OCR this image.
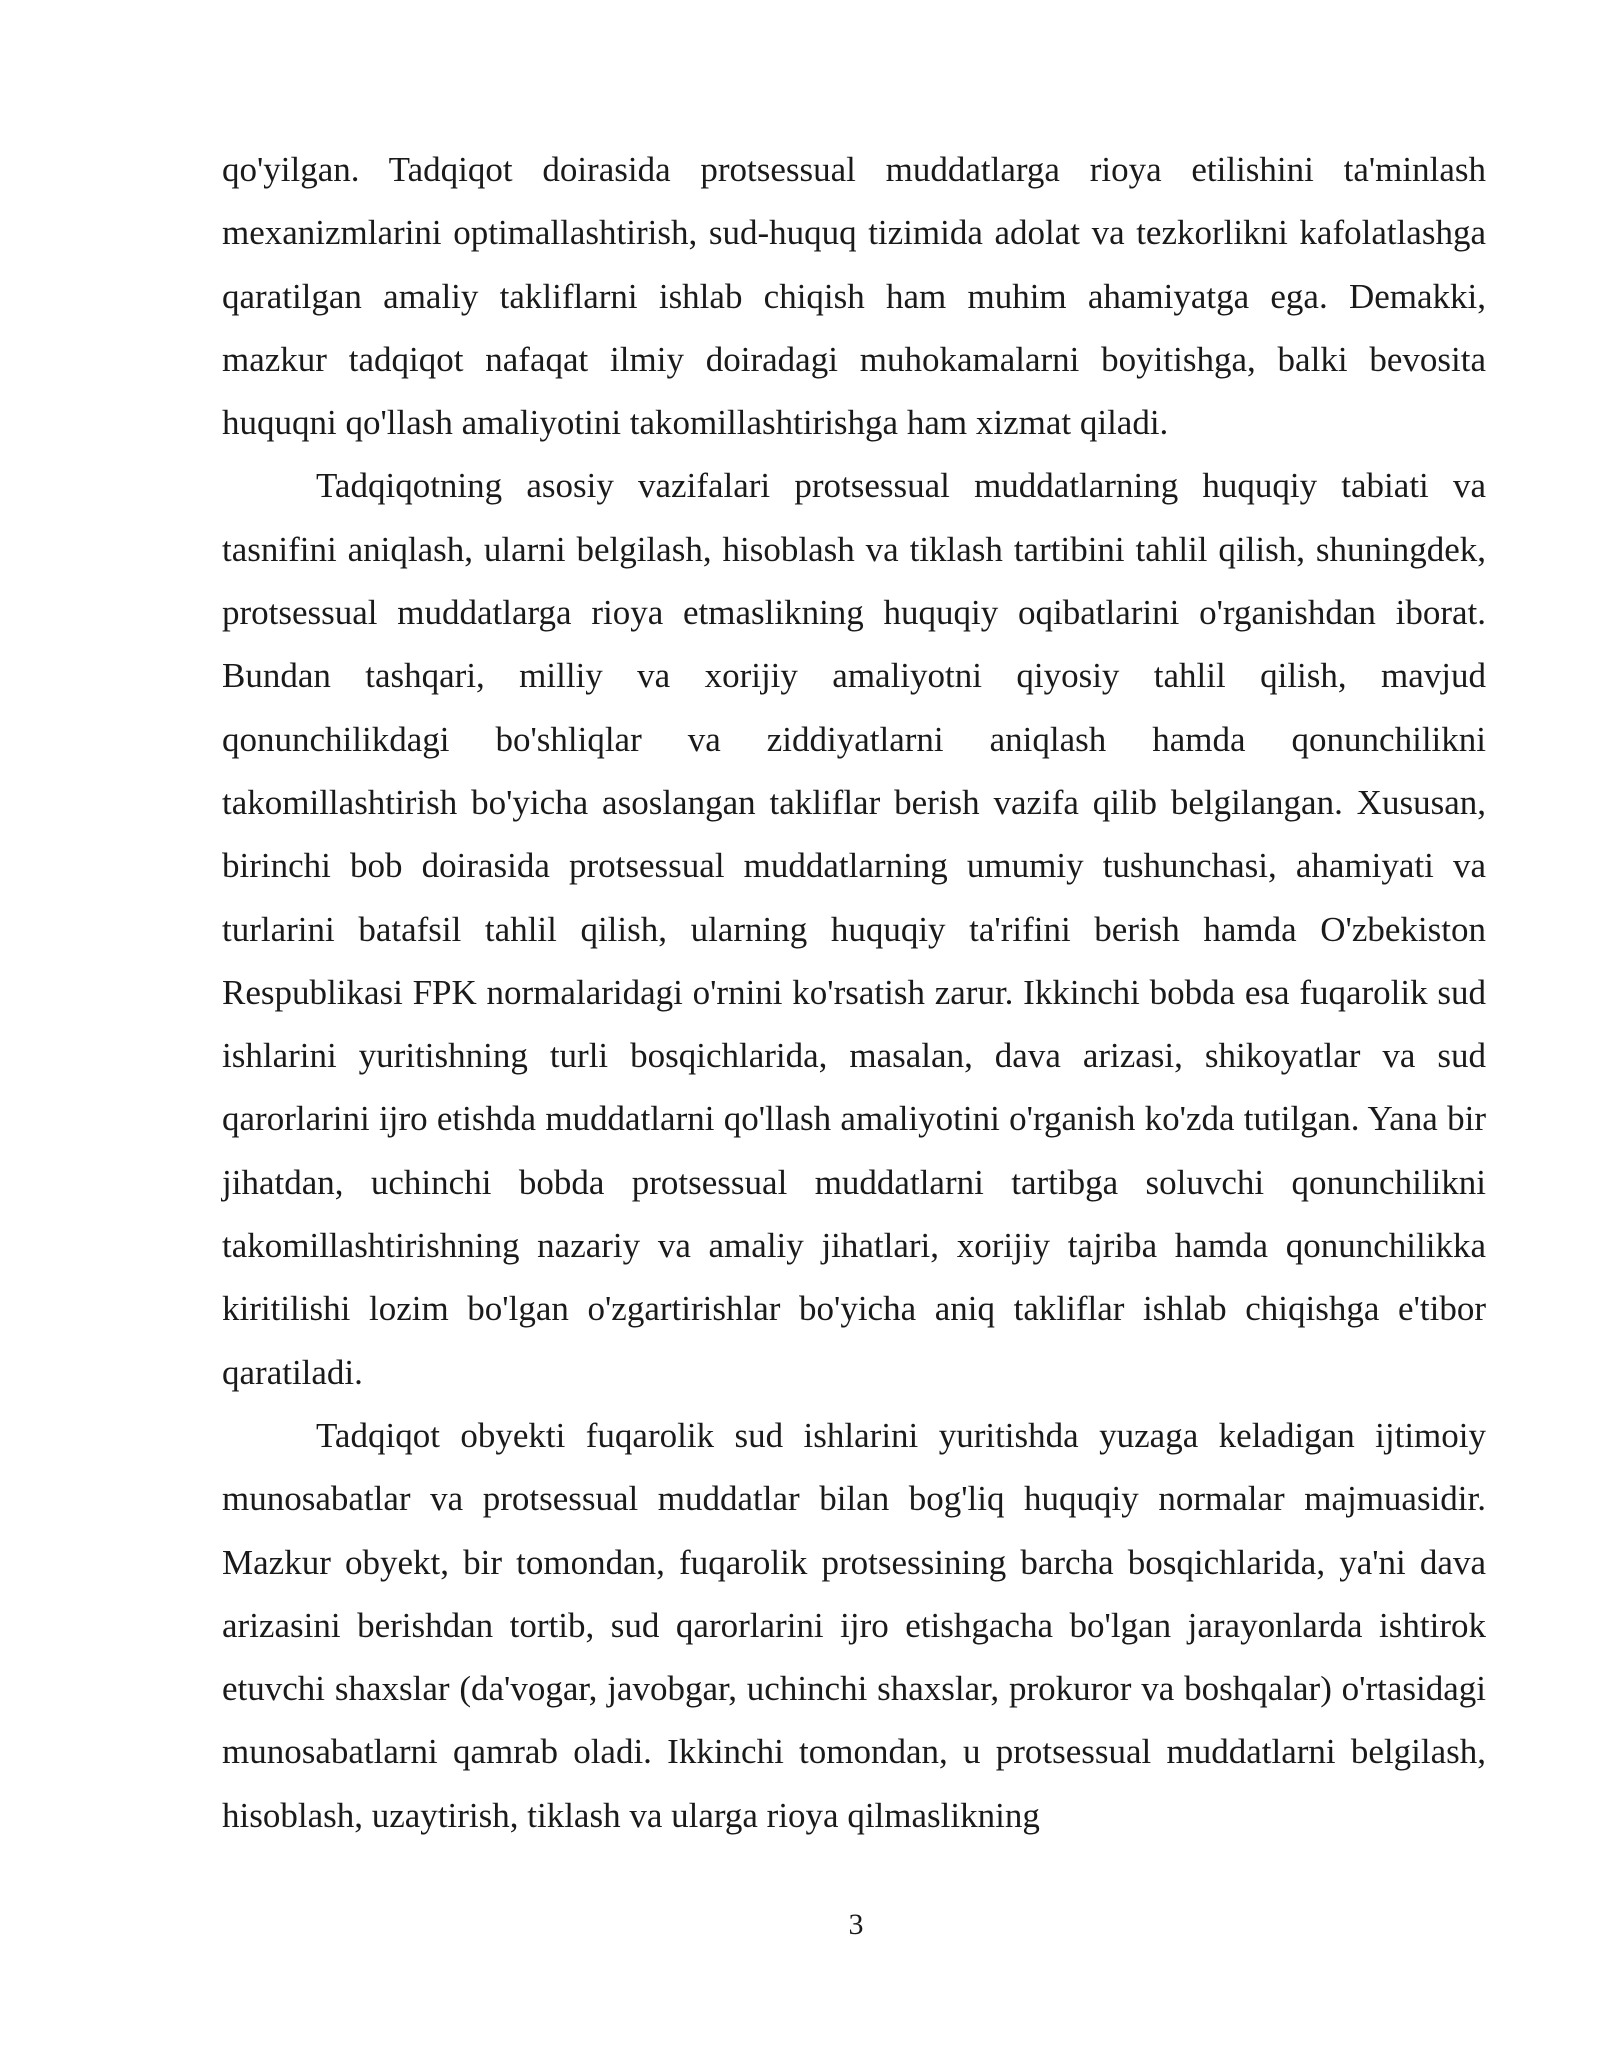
qo'yilgan. Tadqiqot doirasida protsessual muddatlarga rioya etilishini ta'minlash mexanizmlarini optimallashtirish, sud-huquq tizimida adolat va tezkorlikni kafolatlashga qaratilgan amaliy takliflarni ishlab chiqish ham muhim ahamiyatga ega. Demakki, mazkur tadqiqot nafaqat ilmiy doiradagi muhokamalarni boyitishga, balki bevosita huquqni qo'llash amaliyotini takomillashtirishga ham xizmat qiladi.

Tadqiqotning asosiy vazifalari protsessual muddatlarning huquqiy tabiati va tasnifini aniqlash, ularni belgilash, hisoblash va tiklash tartibini tahlil qilish, shuningdek, protsessual muddatlarga rioya etmaslikning huquqiy oqibatlarini o'rganishdan iborat. Bundan tashqari, milliy va xorijiy amaliyotni qiyosiy tahlil qilish, mavjud qonunchilikdagi bo'shliqlar va ziddiyatlarni aniqlash hamda qonunchilikni takomillashtirish bo'yicha asoslangan takliflar berish vazifa qilib belgilangan. Xususan, birinchi bob doirasida protsessual muddatlarning umumiy tushunchasi, ahamiyati va turlarini batafsil tahlil qilish, ularning huquqiy ta'rifini berish hamda O'zbekiston Respublikasi FPK normalaridagi o'rnini ko'rsatish zarur. Ikkinchi bobda esa fuqarolik sud ishlarini yuritishning turli bosqichlarida, masalan, dava arizasi, shikoyatlar va sud qarorlarini ijro etishda muddatlarni qo'llash amaliyotini o'rganish ko'zda tutilgan. Yana bir jihatdan, uchinchi bobda protsessual muddatlarni tartibga soluvchi qonunchilikni takomillashtirishning nazariy va amaliy jihatlari, xorijiy tajriba hamda qonunchilikka kiritilishi lozim bo'lgan o'zgartirishlar bo'yicha aniq takliflar ishlab chiqishga e'tibor qaratiladi.

Tadqiqot obyekti fuqarolik sud ishlarini yuritishda yuzaga keladigan ijtimoiy munosabatlar va protsessual muddatlar bilan bog'liq huquqiy normalar majmuasidir. Mazkur obyekt, bir tomondan, fuqarolik protsessining barcha bosqichlarida, ya'ni dava arizasini berishdan tortib, sud qarorlarini ijro etishgacha bo'lgan jarayonlarda ishtirok etuvchi shaxslar (da'vogar, javobgar, uchinchi shaxslar, prokuror va boshqalar) o'rtasidagi munosabatlarni qamrab oladi. Ikkinchi tomondan, u protsessual muddatlarni belgilash, hisoblash, uzaytirish, tiklash va ularga rioya qilmaslikning

3
